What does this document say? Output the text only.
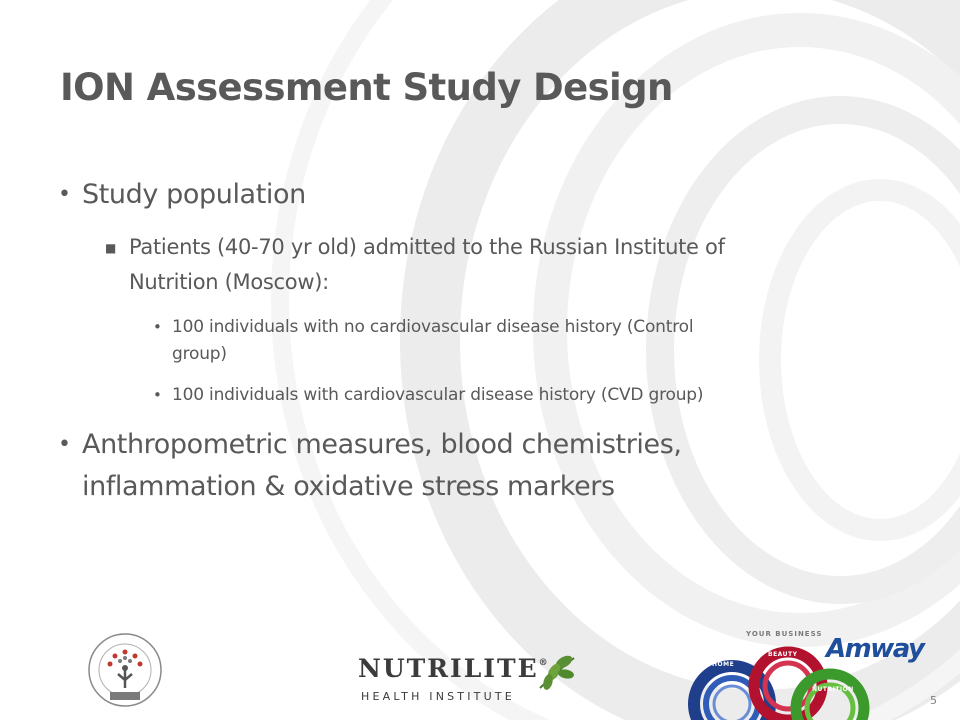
ION Assessment Study Design

• Study population

■ Patients (40-70 yr old) admitted to the Russian Institute of

Nutrition (Moscow):

• 100 individuals with no cardiovascular disease history (Control

group)

• 100 individuals with cardiovascular disease history (CVD group)

• Anthropometric measures, blood chemistries,

inflammation & oxidative stress markers

NUTRILITE®
HEALTH INSTITUTE
YOUR BUSINESS
HOME
BEAUTY
NUTRITION
Amway
5
